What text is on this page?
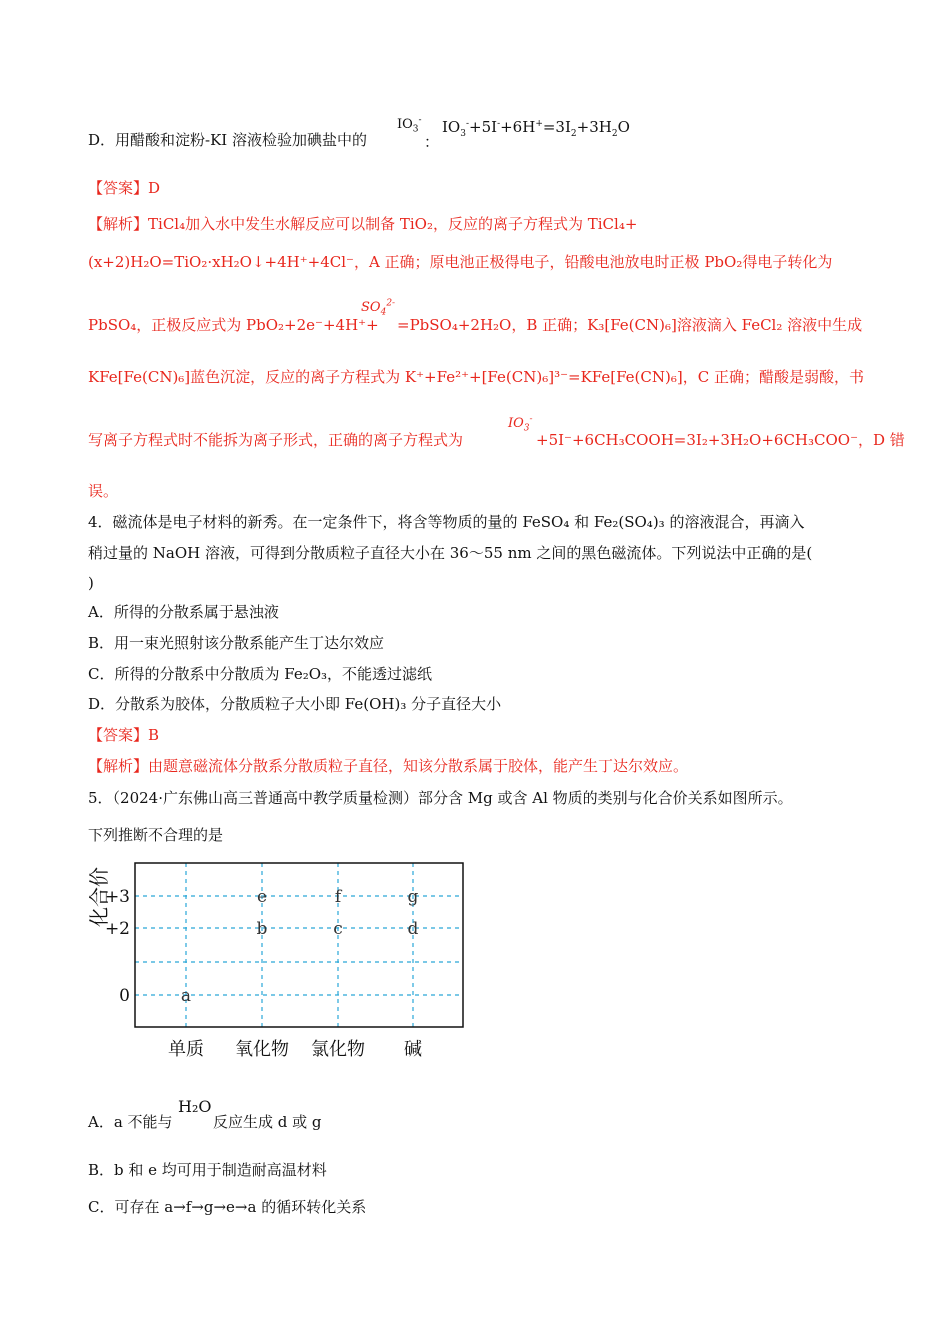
D．用醋酸和淀粉-KI 溶液检验加碘盐中的
$IO_3^-$
：
$IO_3^-+5I^-+6H^+=3I_2+3H_2O$
【答案】D
【解析】TiCl₄加入水中发生水解反应可以制备 TiO₂，反应的离子方程式为 TiCl₄+
(x+2)H₂O=TiO₂·xH₂O↓+4H⁺+4Cl⁻，A 正确；原电池正极得电子，铅酸电池放电时正极 PbO₂得电子转化为
$SO_4^{2-}$
PbSO₄，正极反应式为 PbO₂+2e⁻+4H⁺+ =PbSO₄+2H₂O，B 正确；K₃[Fe(CN)₆]溶液滴入 FeCl₂ 溶液中生成
KFe[Fe(CN)₆]蓝色沉淀，反应的离子方程式为 K⁺+Fe²⁺+[Fe(CN)₆]³⁻=KFe[Fe(CN)₆]，C 正确；醋酸是弱酸，书
写离子方程式时不能拆为离子形式，正确的离子方程式为
$IO_3^-$
+5I⁻+6CH₃COOH=3I₂+3H₂O+6CH₃COO⁻，D 错
误。
4．磁流体是电子材料的新秀。在一定条件下，将含等物质的量的 FeSO₄ 和 Fe₂(SO₄)₃ 的溶液混合，再滴入
稍过量的 NaOH 溶液，可得到分散质粒子直径大小在 36～55 nm 之间的黑色磁流体。下列说法中正确的是(
)
A．所得的分散系属于悬浊液
B．用一束光照射该分散系能产生丁达尔效应
C．所得的分散系中分散质为 Fe₂O₃，不能透过滤纸
D．分散系为胶体，分散质粒子大小即 Fe(OH)₃ 分子直径大小
【答案】B
【解析】由题意磁流体分散系分散质粒子直径，知该分散系属于胶体，能产生丁达尔效应。
5．（2024·广东佛山高三普通高中教学质量检测）部分含 Mg 或含 Al 物质的类别与化合价关系如图所示。
下列推断不合理的是
化合价
+3
+2
0
单质 氧化物 氯化物 碱
a
b	c	d
e	f	g
A．a 不能与
H₂O
反应生成 d 或 g
B．b 和 e 均可用于制造耐高温材料
C．可存在 a→f→g→e→a 的循环转化关系
